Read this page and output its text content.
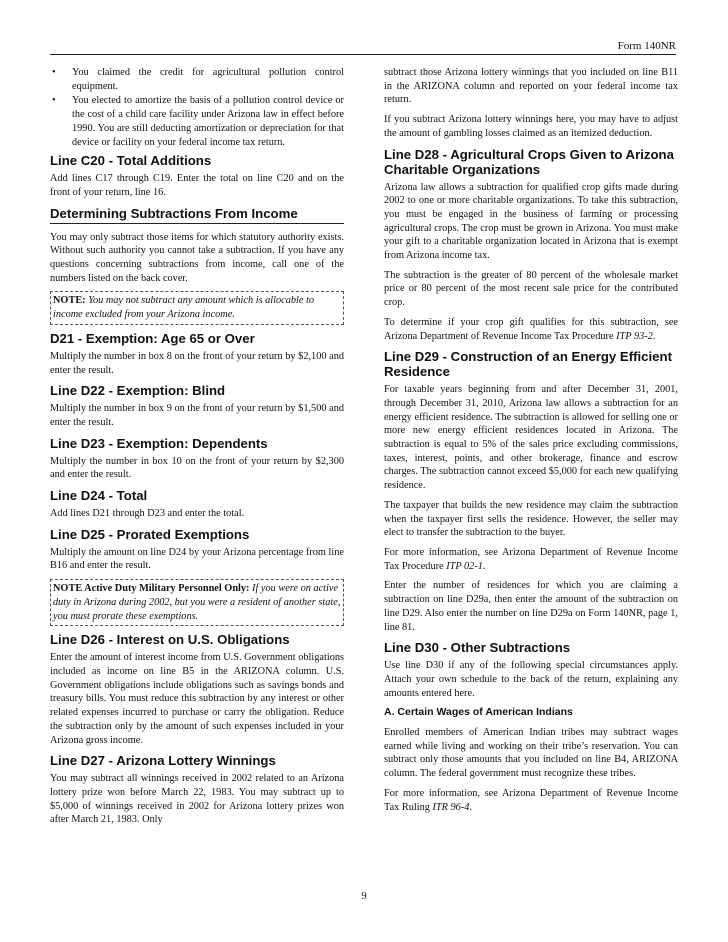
Form 140NR
• You claimed the credit for agricultural pollution control equipment.
• You elected to amortize the basis of a pollution control device or the cost of a child care facility under Arizona law in effect before 1990. You are still deducting amortization or depreciation for that device or facility on your federal income tax return.
Line C20 - Total Additions

Add lines C17 through C19. Enter the total on line C20 and on the front of your return, line 16.

Determining Subtractions From Income

You may only subtract those items for which statutory authority exists. Without such authority you cannot take a subtraction. If you have any questions concerning subtractions from income, call one of the numbers listed on the back cover.

NOTE: You may not subtract any amount which is allocable to income excluded from your Arizona income.
D21 - Exemption: Age 65 or Over

Multiply the number in box 8 on the front of your return by $2,100 and enter the result.

Line D22 - Exemption: Blind

Multiply the number in box 9 on the front of your return by $1,500 and enter the result.

Line D23 - Exemption: Dependents

Multiply the number in box 10 on the front of your return by $2,300 and enter the result.

Line D24 - Total

Add lines D21 through D23 and enter the total.

Line D25 - Prorated Exemptions

Multiply the amount on line D24 by your Arizona percentage from line B16 and enter the result.

NOTE Active Duty Military Personnel Only: If you were on active duty in Arizona during 2002, but you were a resident of another state, you must prorate these exemptions.
Line D26 - Interest on U.S. Obligations

Enter the amount of interest income from U.S. Government obligations included as income on line B5 in the ARIZONA column. U.S. Government obligations include obligations such as savings bonds and treasury bills. You must reduce this subtraction by any interest or other related expenses incurred to purchase or carry the obligation. Reduce the subtraction only by the amount of such expenses included in your Arizona gross income.

Line D27 - Arizona Lottery Winnings

You may subtract all winnings received in 2002 related to an Arizona lottery prize won before March 22, 1983. You may subtract up to $5,000 of winnings received in 2002 for Arizona lottery prizes won after March 21, 1983. Only

subtract those Arizona lottery winnings that you included on line B11 in the ARIZONA column and reported on your federal income tax return.

If you subtract Arizona lottery winnings here, you may have to adjust the amount of gambling losses claimed as an itemized deduction.

Line D28 - Agricultural Crops Given to Arizona Charitable Organizations

Arizona law allows a subtraction for qualified crop gifts made during 2002 to one or more charitable organizations. To take this subtraction, you must be engaged in the business of farming or processing agricultural crops. The crop must be grown in Arizona. You must make your gift to a charitable organization located in Arizona that is exempt from Arizona income tax.

The subtraction is the greater of 80 percent of the wholesale market price or 80 percent of the most recent sale price for the contributed crop.

To determine if your crop gift qualifies for this subtraction, see Arizona Department of Revenue Income Tax Procedure ITP 93-2.

Line D29 - Construction of an Energy Efficient Residence

For taxable years beginning from and after December 31, 2001, through December 31, 2010, Arizona law allows a subtraction for an energy efficient residence. The subtraction is allowed for selling one or more new energy efficient residences located in Arizona. The subtraction is equal to 5% of the sales price excluding commissions, taxes, interest, points, and other brokerage, finance and escrow charges. The subtraction cannot exceed $5,000 for each new qualifying residence.

The taxpayer that builds the new residence may claim the subtraction when the taxpayer first sells the residence. However, the seller may elect to transfer the subtraction to the buyer.

For more information, see Arizona Department of Revenue Income Tax Procedure ITP 02-1.

Enter the number of residences for which you are claiming a subtraction on line D29a, then enter the amount of the subtraction on line D29. Also enter the number on line D29a on Form 140NR, page 1, line 81.

Line D30 - Other Subtractions

Use line D30 if any of the following special circumstances apply. Attach your own schedule to the back of the return, explaining any amounts entered here.

A. Certain Wages of American Indians

Enrolled members of American Indian tribes may subtract wages earned while living and working on their tribe’s reservation. You can subtract only those amounts that you included on line B4, ARIZONA column. The federal government must recognize these tribes.

For more information, see Arizona Department of Revenue Income Tax Ruling ITR 96-4.

9
